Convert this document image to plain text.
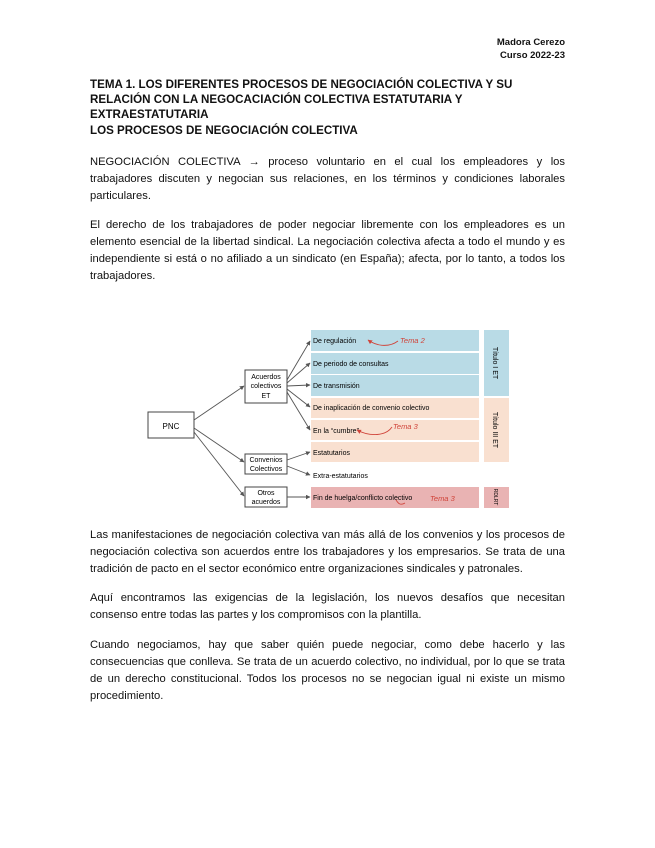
Madora Cerezo
Curso 2022-23
TEMA 1. LOS DIFERENTES PROCESOS DE NEGOCIACIÓN COLECTIVA Y SU RELACIÓN CON LA NEGOCACIACIÓN COLECTIVA ESTATUTARIA Y EXTRAESTATUTARIA
LOS PROCESOS DE NEGOCIACIÓN COLECTIVA

NEGOCIACIÓN COLECTIVA → proceso voluntario en el cual los empleadores y los trabajadores discuten y negocian sus relaciones, en los términos y condiciones laborales particulares.

El derecho de los trabajadores de poder negociar libremente con los empleadores es un elemento esencial de la libertad sindical. La negociación colectiva afecta a todo el mundo y es independiente si está o no afiliado a un sindicato (en España); afecta, por lo tanto, a todos los trabajadores.

PNC
Acuerdos
colectivos
ET
Convenios
Colectivos
Otros
acuerdos
De regulación
De periodo de consultas
De transmisión
De inaplicación de convenio colectivo
En la “cumbre”
Estatutarios
Extra-estatutarios
Fin de huelga/conflicto colectivo
Tema 2
Tema 3
Tema 3
Título I ET
Título III ET
RDLRT

Las manifestaciones de negociación colectiva van más allá de los convenios y los procesos de negociación colectiva son acuerdos entre los trabajadores y los empresarios. Se trata de una tradición de pacto en el sector económico entre organizaciones sindicales y patronales.

Aquí encontramos las exigencias de la legislación, los nuevos desafíos que necesitan consenso entre todas las partes y los compromisos con la plantilla.

Cuando negociamos, hay que saber quién puede negociar, como debe hacerlo y las consecuencias que conlleva. Se trata de un acuerdo colectivo, no individual, por lo que se trata de un derecho constitucional. Todos los procesos no se negocian igual ni existe un mismo procedimiento.
